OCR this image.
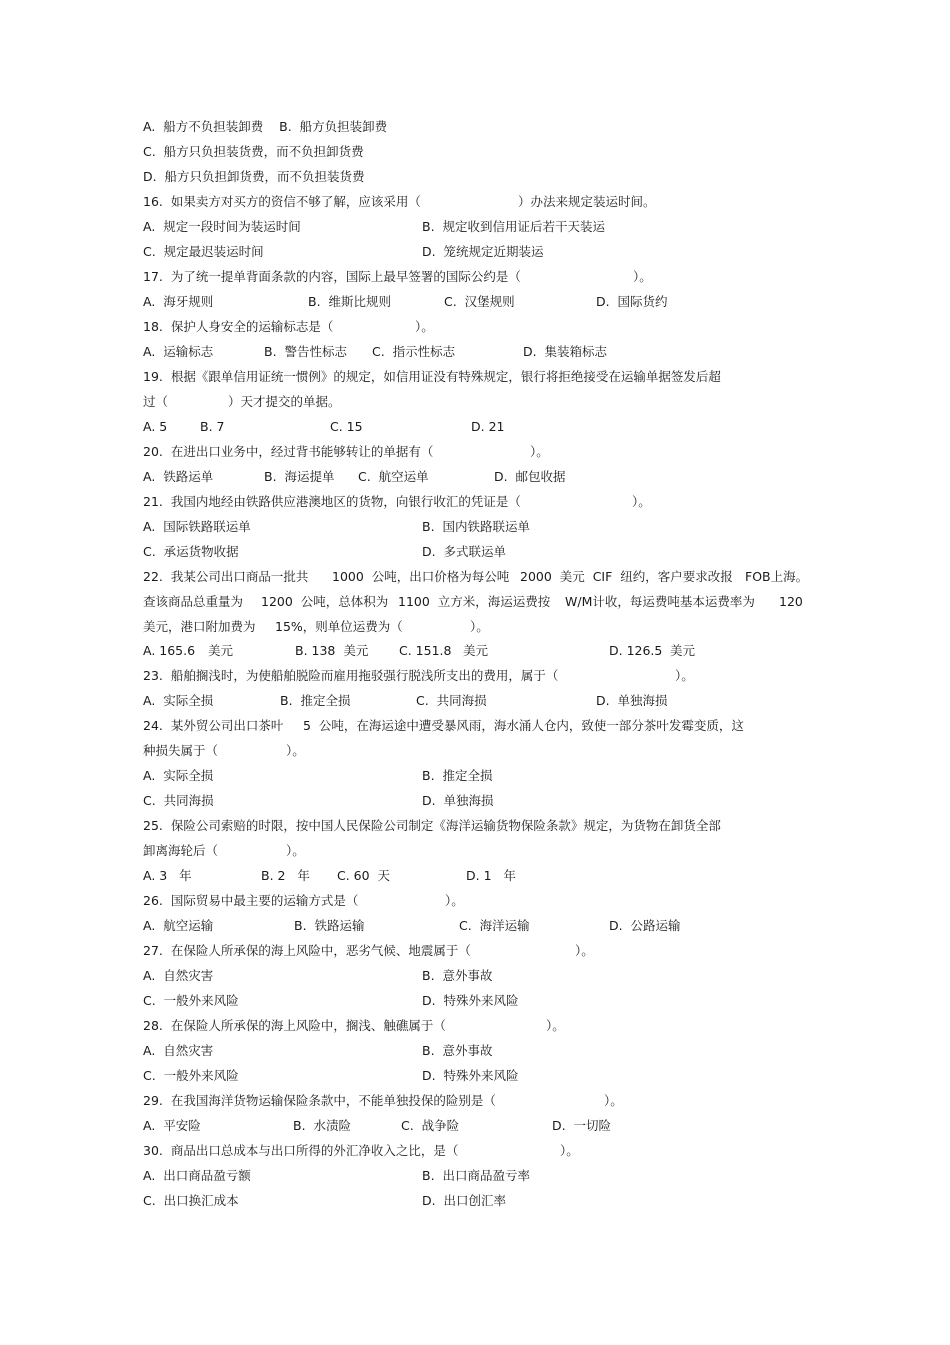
A.  船方不负担装卸费    B.  船方负担装卸费
C.  船方只负担装货费，而不负担卸货费
D.  船方只负担卸货费，而不负担装货费
16.  如果卖方对买方的资信不够了解，应该采用（	）办法来规定装运时间。
A.  规定一段时间为装运时间	B.  规定收到信用证后若干天装运
C.  规定最迟装运时间	D.  笼统规定近期装运
17.  为了统一提单背面条款的内容，国际上最早签署的国际公约是（	）。
A.  海牙规则	B.  维斯比规则	C.  汉堡规则	D.  国际货约
18.  保护人身安全的运输标志是（	）。
A.  运输标志	B.  警告性标志 C.  指示性标志	D.  集装箱标志
19.  根据《跟单信用证统一惯例》的规定，如信用证没有特殊规定，银行将拒绝接受在运输单据签发后超
过（	）天才提交的单据。
A. 5	B. 7	C. 15	D. 21
20.  在进出口业务中，经过背书能够转让的单据有（	）。
A.  铁路运单	B.  海运提单 C.  航空运单	D.  邮包收据
21.  我国内地经由铁路供应港澳地区的货物，向银行收汇的凭证是（	）。
A.  国际铁路联运单	B.  国内铁路联运单
C.  承运货物收据	D.  多式联运单
22.  我某公司出口商品一批共 1000  公吨，出口价格为每公吨 2000  美元  CIF  纽约，客户要求改报 FOB上海。
查该商品总重量为 1200  公吨，总体积为 1100  立方米，海运运费按 W/M计收，每运费吨基本运费率为 120
美元，港口附加费为 15%，则单位运费为（	）。
A. 165.6 美元	B. 138  美元 C. 151.8 美元	D. 126.5 美元
23.  船舶搁浅时，为使船舶脱险而雇用拖驳强行脱浅所支出的费用，属于（	）。
A.  实际全损	B.  推定全损	C.  共同海损	D.  单独海损
24.  某外贸公司出口茶叶 5  公吨，在海运途中遭受暴风雨，海水涌人仓内，致使一部分茶叶发霉变质，这
种损失属于（	）。
A.  实际全损	B.  推定全损
C.  共同海损	D.  单独海损
25.  保险公司索赔的时限，按中国人民保险公司制定《海洋运输货物保险条款》规定，为货物在卸货全部
卸离海轮后（	）。
A. 3   年	B. 2   年 C. 60  天	D. 1   年
26.  国际贸易中最主要的运输方式是（	）。
A.  航空运输	B.  铁路运输	C.  海洋运输	D.  公路运输
27.  在保险人所承保的海上风险中，恶劣气候、地震属于（	）。
A.  自然灾害	B.  意外事故
C.  一般外来风险	D.  特殊外来风险
28.  在保险人所承保的海上风险中，搁浅、触礁属于（	）。
A.  自然灾害	B.  意外事故
C.  一般外来风险	D.  特殊外来风险
29.  在我国海洋货物运输保险条款中，不能单独投保的险别是（	）。
A.  平安险	B.  水渍险	C.  战争险	D.  一切险
30.  商品出口总成本与出口所得的外汇净收入之比，是（	）。
A.  出口商品盈亏额	B.  出口商品盈亏率
C.  出口换汇成本	D.  出口创汇率
